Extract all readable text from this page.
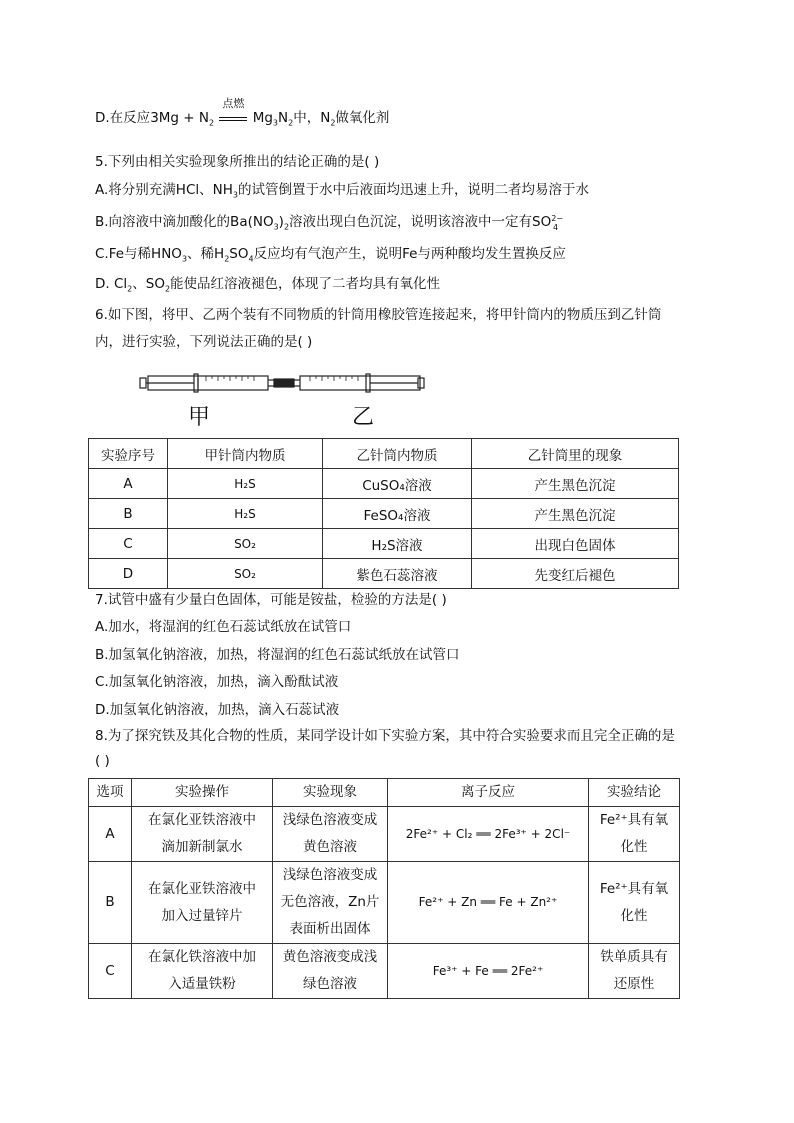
D.在反应$3Mg + N_2$
点燃
$Mg_3N_2$中，$N_2$做氧化剂
5.下列由相关实验现象所推出的结论正确的是( )
A.将分别充满HCl、$NH_3$的试管倒置于水中后液面均迅速上升，说明二者均易溶于水
B.向溶液中滴加酸化的$Ba(NO_3)_2$溶液出现白色沉淀，说明该溶液中一定有$SO^{2-}_4$
C.Fe与稀$HNO_3$、稀$H_2SO_4$反应均有气泡产生，说明Fe与两种酸均发生置换反应
D. $Cl_2$、$SO_2$能使品红溶液褪色，体现了二者均具有氧化性
6.如下图，将甲、乙两个装有不同物质的针筒用橡胶管连接起来，将甲针筒内的物质压到乙针筒
内，进行实验，下列说法正确的是( )
甲	乙
实验序号	甲针筒内物质	乙针筒内物质	乙针筒里的现象
A	H₂S	CuSO₄溶液	产生黑色沉淀
B	H₂S	FeSO₄溶液	产生黑色沉淀
C	SO₂	H₂S溶液	出现白色固体
D	SO₂	紫色石蕊溶液	先变红后褪色
7.试管中盛有少量白色固体，可能是铵盐，检验的方法是( )
A.加水，将湿润的红色石蕊试纸放在试管口
B.加氢氧化钠溶液，加热，将湿润的红色石蕊试纸放在试管口
C.加氢氧化钠溶液，加热，滴入酚酞试液
D.加氢氧化钠溶液，加热，滴入石蕊试液
8.为了探究铁及其化合物的性质，某同学设计如下实验方案，其中符合实验要求而且完全正确的是
( )
选项	实验操作	实验现象	离子反应	实验结论
A	在氯化亚铁溶液中滴加新制氯水	浅绿色溶液变成黄色溶液	2Fe²⁺ + Cl₂ ══ 2Fe³⁺ + 2Cl⁻	Fe²⁺具有氧化性
B	在氯化亚铁溶液中加入过量锌片	浅绿色溶液变成无色溶液，Zn片表面析出固体	Fe²⁺ + Zn ══ Fe + Zn²⁺	Fe²⁺具有氧化性
C	在氯化铁溶液中加入适量铁粉	黄色溶液变成浅绿色溶液	Fe³⁺ + Fe ══ 2Fe²⁺	铁单质具有还原性
